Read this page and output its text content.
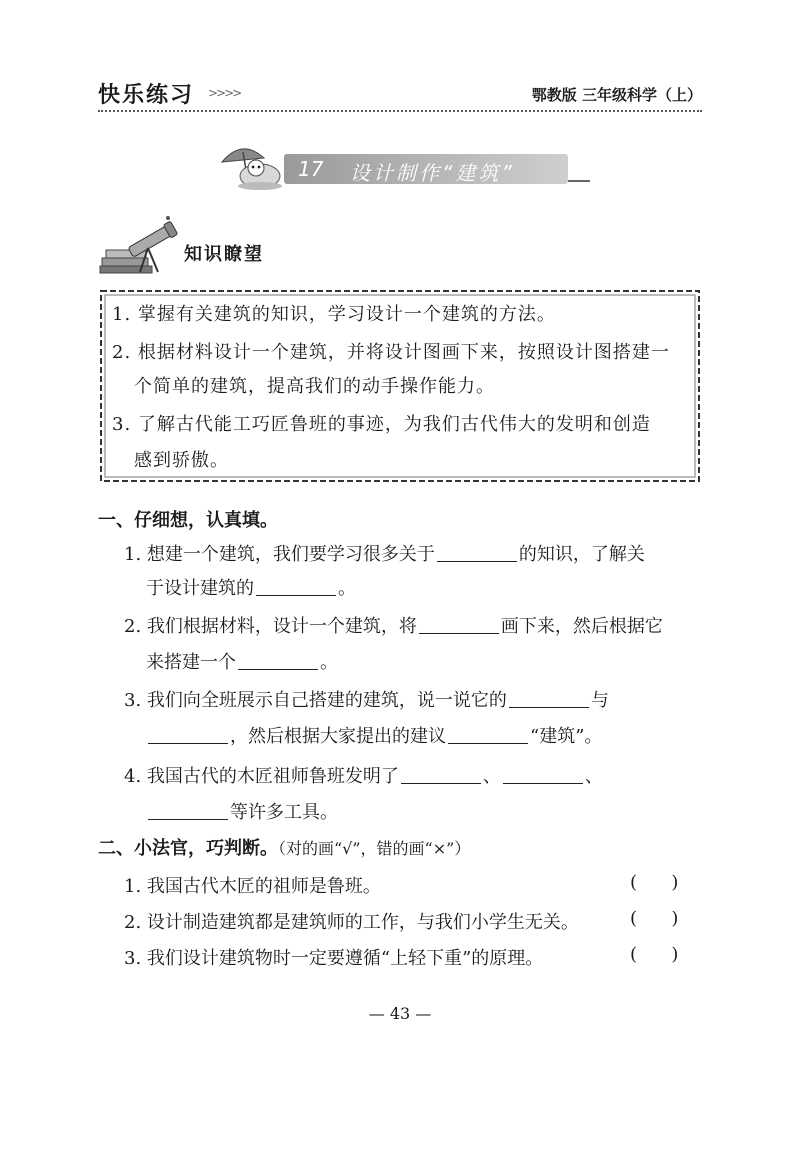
快乐练习 >>>>	鄂教版 三年级科学（上）
17 设计制作“建筑”
知识瞭望
1. 掌握有关建筑的知识，学习设计一个建筑的方法。
2. 根据材料设计一个建筑，并将设计图画下来，按照设计图搭建一
个简单的建筑，提高我们的动手操作能力。
3. 了解古代能工巧匠鲁班的事迹，为我们古代伟大的发明和创造
感到骄傲。
一、仔细想，认真填。
1. 想建一个建筑，我们要学习很多关于	的知识，了解关
于设计建筑的	。
2. 我们根据材料，设计一个建筑，将	画下来，然后根据它
来搭建一个	。
3. 我们向全班展示自己搭建的建筑，说一说它的	与
，然后根据大家提出的建议	“建筑”。
4. 我国古代的木匠祖师鲁班发明了	、	、
等许多工具。
二、小法官，巧判断。（对的画“√”，错的画“×”）
1. 我国古代木匠的祖师是鲁班。	(      )
2. 设计制造建筑都是建筑师的工作，与我们小学生无关。	(      )
3. 我们设计建筑物时一定要遵循“上轻下重”的原理。	(      )
— 43 —
